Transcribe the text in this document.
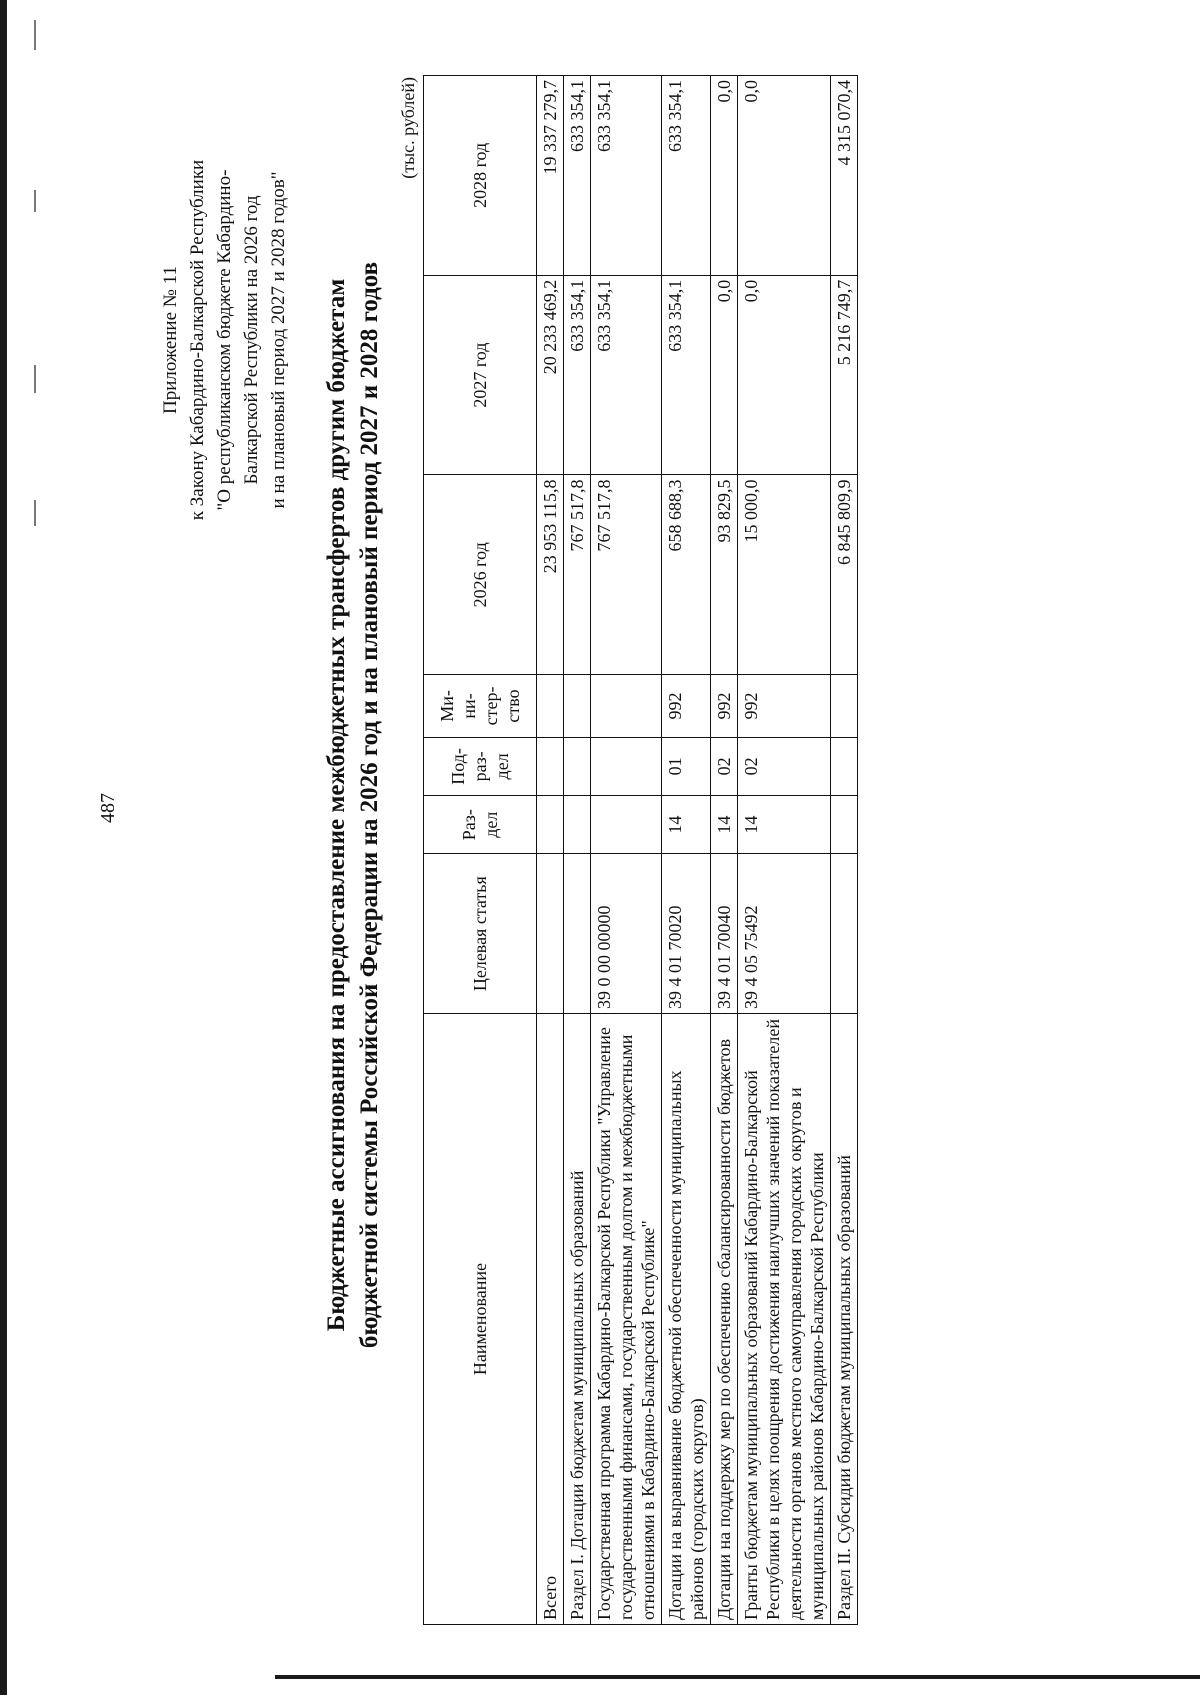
487
Приложение № 11 к Закону Кабардино-Балкарской Республики "О республиканском бюджете Кабардино- Балкарской Республики на 2026 год и на плановый период 2027 и 2028 годов" Бюджетные ассигнования на предоставление межбюджетных трансфертов другим бюджетам бюджетной системы Российской Федерации на 2026 год и на плановый период 2027 и 2028 годов
(тыс. рублей)
Наименование	Целевая статья	Раз-дел	Под-раз-дел	Ми-ни-стер-ство	2026 год	2027 год	2028 год
Всего					23 953 115,8	20 233 469,2	19 337 279,7
Раздел I. Дотации бюджетам муниципальных образований					767 517,8	633 354,1	633 354,1
Государственная программа Кабардино-Балкарской Республики "Управление государственными финансами, государственным долгом и межбюджетными отношениями в Кабардино-Балкарской Республике"	39 0 00 00000				767 517,8	633 354,1	633 354,1
Дотации на выравнивание бюджетной обеспеченности муниципальных районов (городских округов)	39 4 01 70020	14	01	992	658 688,3	633 354,1	633 354,1
Дотации на поддержку мер по обеспечению сбалансированности бюджетов	39 4 01 70040	14	02	992	93 829,5	0,0	0,0
Гранты бюджетам муниципальных образований Кабардино-Балкарской Республики в целях поощрения достижения наилучших значений показателей деятельности органов местного самоуправления городских округов и муниципальных районов Кабардино-Балкарской Республики	39 4 05 75492	14	02	992	15 000,0	0,0	0,0
Раздел II. Субсидии бюджетам муниципальных образований					6 845 809,9	5 216 749,7	4 315 070,4
